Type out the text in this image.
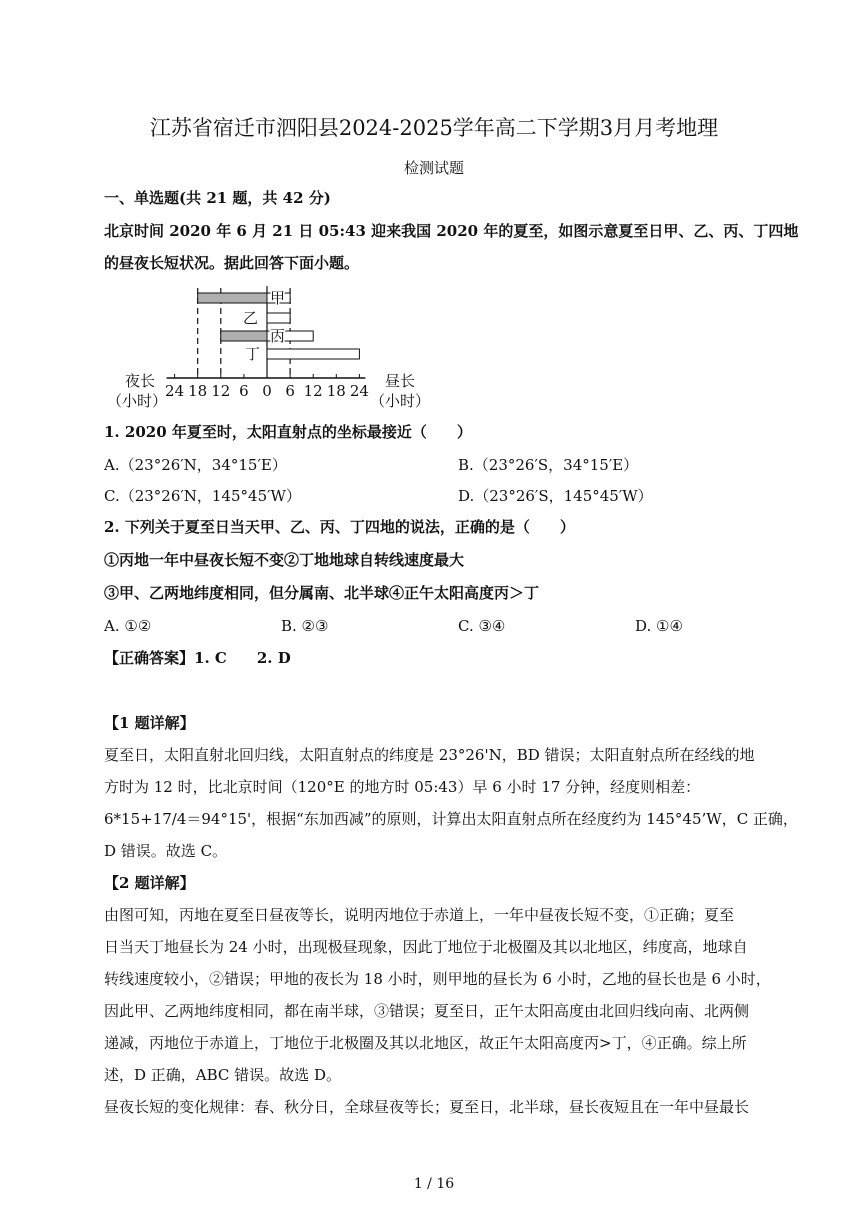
江苏省宿迁市泗阳县2024-2025学年高二下学期3月月考地理
检测试题
一、单选题(共 21 题，共 42 分)
北京时间 2020 年 6 月 21 日 05:43 迎来我国 2020 年的夏至，如图示意夏至日甲、乙、丙、丁四地
的昼夜长短状况。据此回答下面小题。
24 18 12 6 0 6 12 18 24
甲
乙
丙
丁
夜长
（小时）
昼长
（小时）
1. 2020 年夏至时，太阳直射点的坐标最接近（　　）
A.（23°26′N，34°15′E）	B.（23°26′S，34°15′E）
C.（23°26′N，145°45′W）	D.（23°26′S，145°45′W）
2. 下列关于夏至日当天甲、乙、丙、丁四地的说法，正确的是（　　）
①丙地一年中昼夜长短不变②丁地地球自转线速度最大
③甲、乙两地纬度相同，但分属南、北半球④正午太阳高度丙＞丁
A. ①②	B. ②③	C. ③④	D. ①④
【正确答案】1. C　　2. D
【1 题详解】
夏至日，太阳直射北回归线，太阳直射点的纬度是 23°26'N，BD 错误；太阳直射点所在经线的地
方时为 12 时，比北京时间（120°E 的地方时 05:43）早 6 小时 17 分钟，经度则相差：
6*15+17/4＝94°15'，根据“东加西减”的原则，计算出太阳直射点所在经度约为 145°45’W，C 正确，
D 错误。故选 C。
【2 题详解】
由图可知，丙地在夏至日昼夜等长，说明丙地位于赤道上，一年中昼夜长短不变，①正确；夏至
日当天丁地昼长为 24 小时，出现极昼现象，因此丁地位于北极圈及其以北地区，纬度高，地球自
转线速度较小，②错误；甲地的夜长为 18 小时，则甲地的昼长为 6 小时，乙地的昼长也是 6 小时，
因此甲、乙两地纬度相同，都在南半球，③错误；夏至日，正午太阳高度由北回归线向南、北两侧
递减，丙地位于赤道上，丁地位于北极圈及其以北地区，故正午太阳高度丙>丁，④正确。综上所
述，D 正确，ABC 错误。故选 D。
昼夜长短的变化规律：春、秋分日，全球昼夜等长；夏至日，北半球，昼长夜短且在一年中昼最长
1 / 16
